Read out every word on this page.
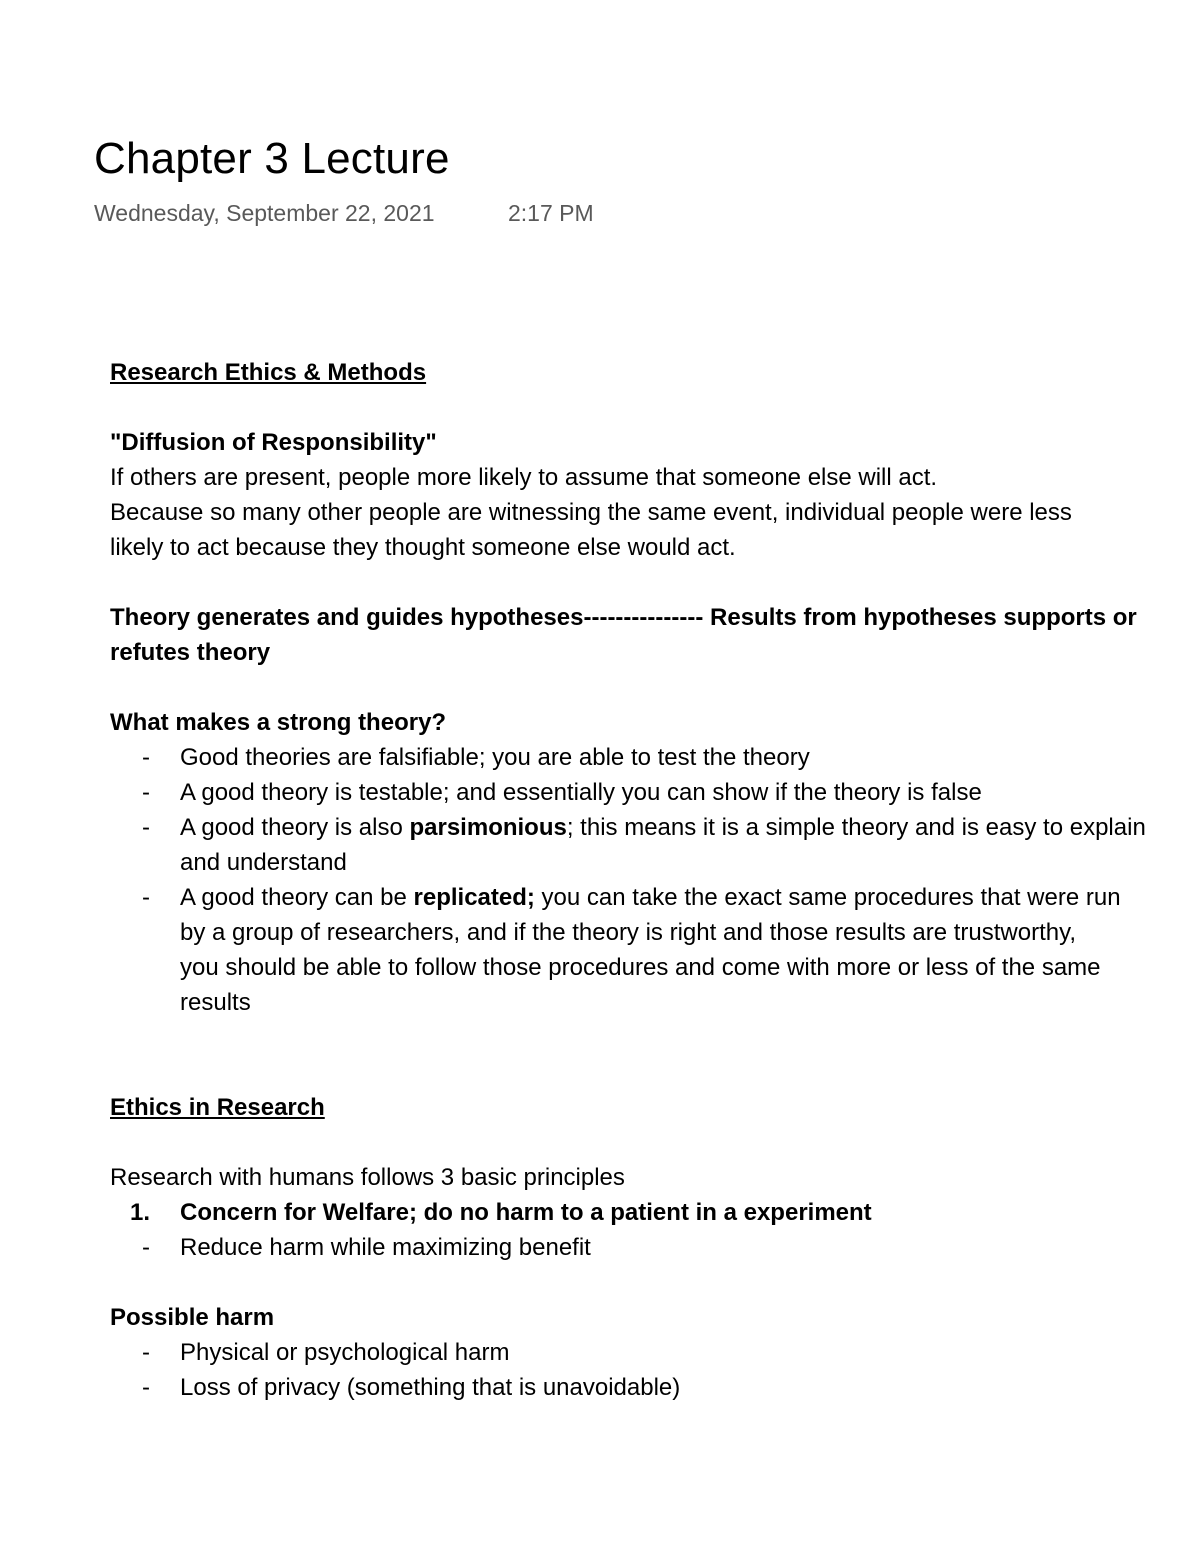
Chapter 3 Lecture
Wednesday, September 22, 2021	2:17 PM

Research Ethics & Methods

"Diffusion of Responsibility"

If others are present, people more likely to assume that someone else will act.

Because so many other people are witnessing the same event, individual people were less

likely to act because they thought someone else would act.

Theory generates and guides hypotheses--------------- Results from hypotheses supports or

refutes theory

What makes a strong theory?

- Good theories are falsifiable; you are able to test the theory
- A good theory is testable; and essentially you can show if the theory is false
- A good theory is also parsimonious; this means it is a simple theory and is easy to explain
and understand
- A good theory can be replicated; you can take the exact same procedures that were run
by a group of researchers, and if the theory is right and those results are trustworthy,
you should be able to follow those procedures and come with more or less of the same
results

Ethics in Research

Research with humans follows 3 basic principles

1. Concern for Welfare; do no harm to a patient in a experiment
- Reduce harm while maximizing benefit

Possible harm

- Physical or psychological harm
- Loss of privacy (something that is unavoidable)
